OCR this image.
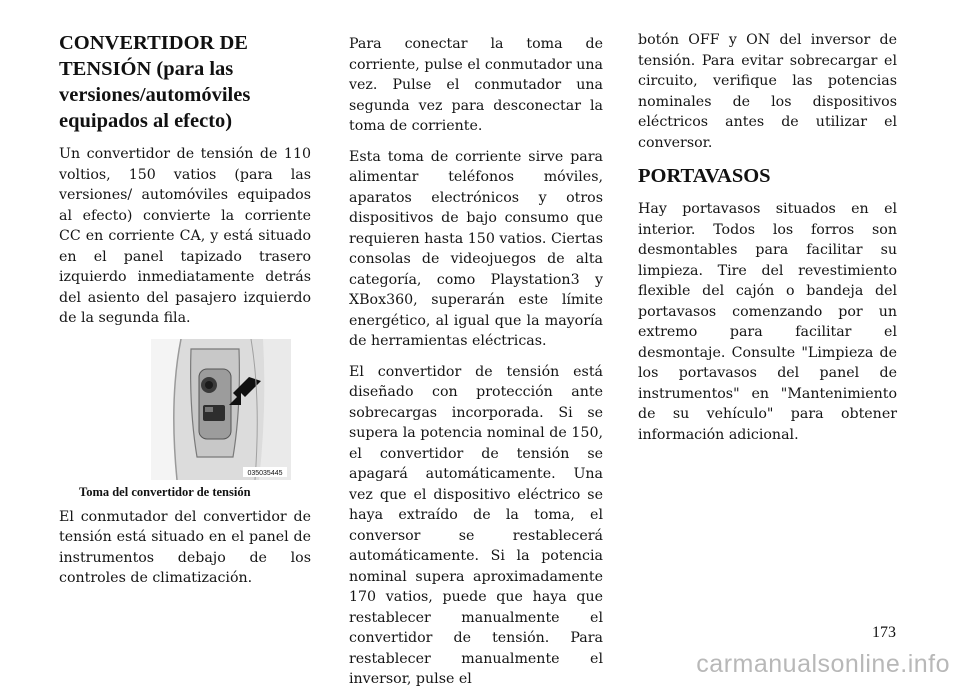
CONVERTIDOR DE TENSIÓN (para las versiones/automóviles equipados al efecto)

Un convertidor de tensión de 110 voltios, 150 vatios (para las versiones/ automóviles equipados al efecto) convierte la corriente CC en corriente CA, y está situado en el panel tapizado trasero izquierdo inmediatamente detrás del asiento del pasajero izquierdo de la segunda fila.

035035445
Toma del convertidor de tensión

El conmutador del convertidor de tensión está situado en el panel de instrumentos debajo de los controles de climatización.

Para conectar la toma de corriente, pulse el conmutador una vez. Pulse el conmutador una segunda vez para desconectar la toma de corriente.

Esta toma de corriente sirve para alimentar teléfonos móviles, aparatos electrónicos y otros dispositivos de bajo consumo que requieren hasta 150 vatios. Ciertas consolas de videojuegos de alta categoría, como Playstation3 y XBox360, superarán este límite energético, al igual que la mayoría de herramientas eléctricas.

El convertidor de tensión está diseñado con protección ante sobrecargas incorporada. Si se supera la potencia nominal de 150, el convertidor de tensión se apagará automáticamente. Una vez que el dispositivo eléctrico se haya extraído de la toma, el conversor se restablecerá automáticamente. Si la potencia nominal supera aproximadamente 170 vatios, puede que haya que restablecer manualmente el convertidor de tensión. Para restablecer manualmente el inversor, pulse el

botón OFF y ON del inversor de tensión. Para evitar sobrecargar el circuito, verifique las potencias nominales de los dispositivos eléctricos antes de utilizar el conversor.

PORTAVASOS

Hay portavasos situados en el interior. Todos los forros son desmontables para facilitar su limpieza. Tire del revestimiento flexible del cajón o bandeja del portavasos comenzando por un extremo para facilitar el desmontaje. Consulte "Limpieza de los portavasos del panel de instrumentos" en "Mantenimiento de su vehículo" para obtener información adicional.

173
carmanualsonline.info
